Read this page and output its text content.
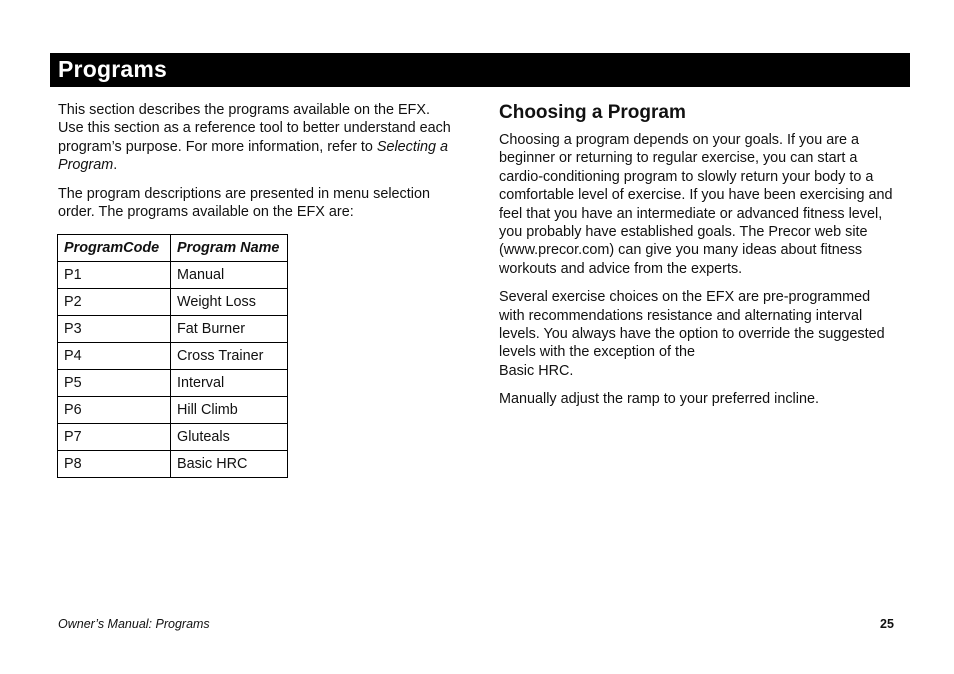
Programs

This section describes the programs available on the EFX. Use this section as a reference tool to better understand each program’s purpose. For more information, refer to Selecting a Program.

The program descriptions are presented in menu selection order. The programs available on the EFX are:

ProgramCode	Program Name
P1	Manual
P2	Weight Loss
P3	Fat Burner
P4	Cross Trainer
P5	Interval
P6	Hill Climb
P7	Gluteals
P8	Basic HRC
Choosing a Program

Choosing a program depends on your goals. If you are a beginner or returning to regular exercise, you can start a cardio-conditioning program to slowly return your body to a comfortable level of exercise. If you have been exercising and feel that you have an intermediate or advanced fitness level, you probably have established goals. The Precor web site (www.precor.com) can give you many ideas about fitness workouts and advice from the experts.

Several exercise choices on the EFX are pre-programmed with recommendations resistance and alternating interval levels. You always have the option to override the suggested levels with the exception of the
Basic HRC.

Manually adjust the ramp to your preferred incline.

Owner’s Manual: Programs	25
